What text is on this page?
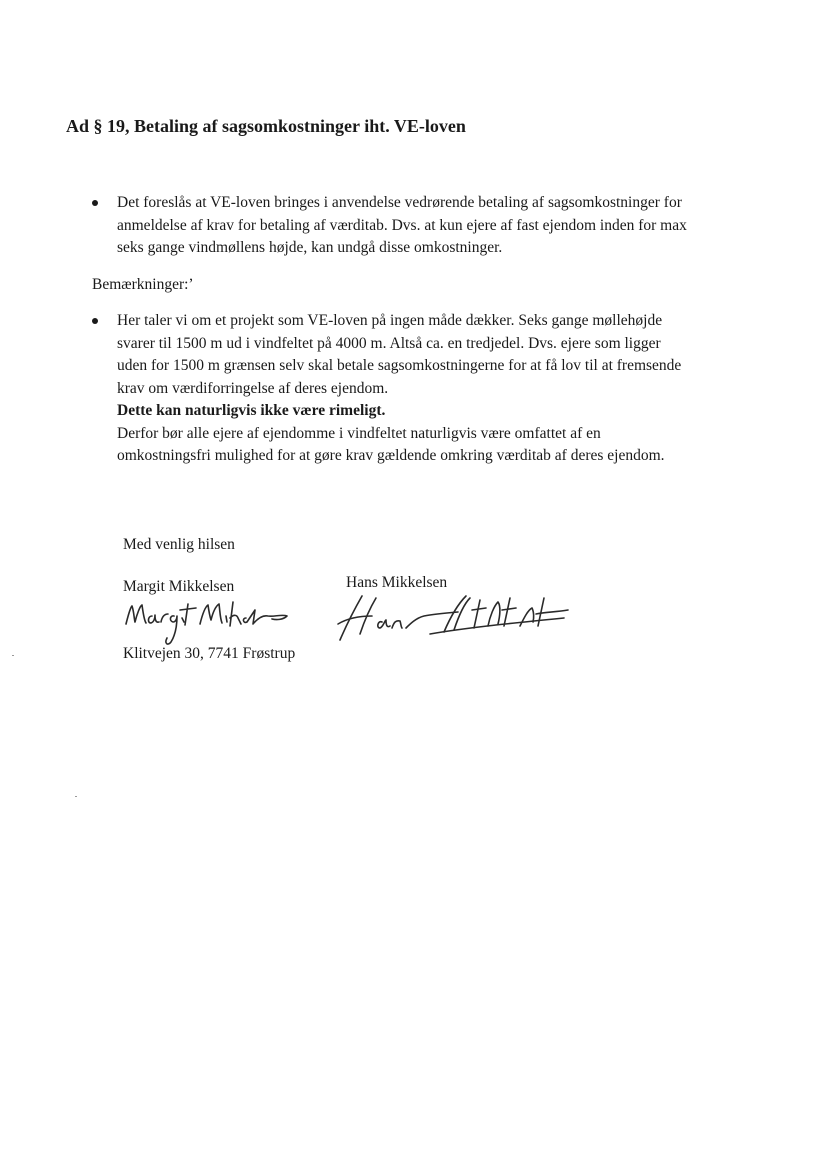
Ad § 19, Betaling af sagsomkostninger iht. VE-loven
Det foreslås at VE-loven bringes i anvendelse vedrørende betaling af sagsomkostninger for
anmeldelse af krav for betaling af værditab. Dvs. at kun ejere af fast ejendom inden for max
seks gange vindmøllens højde, kan undgå disse omkostninger.
Bemærkninger:’
Her taler vi om et projekt som VE-loven på ingen måde dækker. Seks gange møllehøjde
svarer til 1500 m ud i vindfeltet på 4000 m. Altså ca. en tredjedel. Dvs. ejere som ligger
uden for 1500 m grænsen selv skal betale sagsomkostningerne for at få lov til at fremsende
krav om værdiforringelse af deres ejendom.
Dette kan naturligvis ikke være rimeligt.
Derfor bør alle ejere af ejendomme i vindfeltet naturligvis være omfattet af en
omkostningsfri mulighed for at gøre krav gældende omkring værditab af deres ejendom.
Med venlig hilsen
Margit Mikkelsen	Hans Mikkelsen
Klitvejen 30, 7741 Frøstrup
